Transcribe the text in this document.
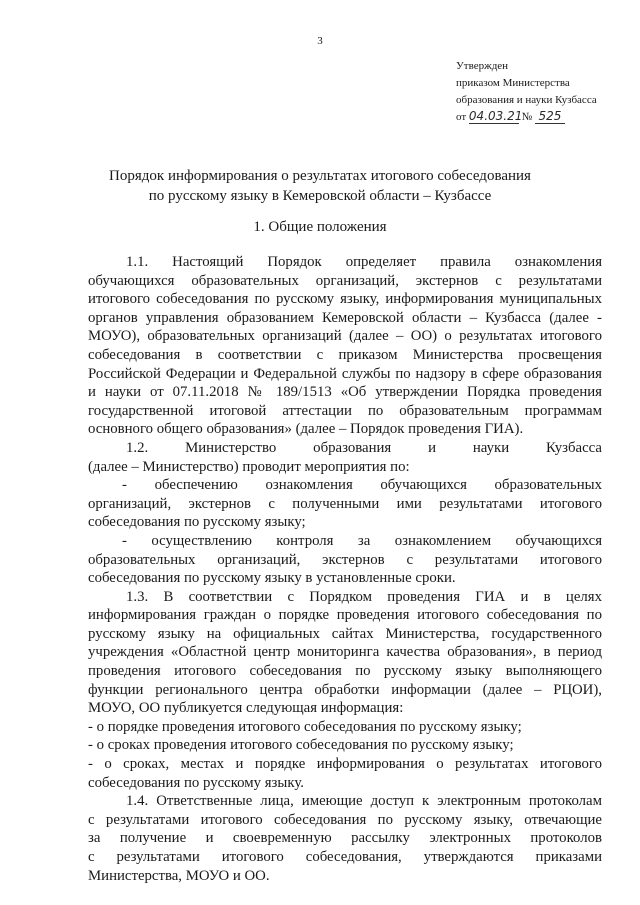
3
Утвержден
приказом Министерства
образования и науки Кузбасса
от 04.03.21 № 525
Порядок информирования о результатах итогового собеседования
по русскому языку в Кемеровской области – Кузбассе
1. Общие положения

1.1. Настоящий Порядок определяет правила ознакомления

обучающихся образовательных организаций, экстернов с результатами

итогового собеседования по русскому языку, информирования муниципальных

органов управления образованием Кемеровской области – Кузбасса (далее -

МОУО), образовательных организаций (далее – ОО) о результатах итогового

собеседования в соответствии с приказом Министерства просвещения

Российской Федерации и Федеральной службы по надзору в сфере образования

и науки от 07.11.2018 № 189/1513 «Об утверждении Порядка проведения

государственной итоговой аттестации по образовательным программам

основного общего образования» (далее – Порядок проведения ГИА).

1.2. Министерство образования и науки Кузбасса

(далее – Министерство) проводит мероприятия по:

- обеспечению ознакомления обучающихся образовательных

организаций, экстернов с полученными ими результатами итогового

собеседования по русскому языку;

- осуществлению контроля за ознакомлением обучающихся

образовательных организаций, экстернов с результатами итогового

собеседования по русскому языку в установленные сроки.

1.3. В соответствии с Порядком проведения ГИА и в целях

информирования граждан о порядке проведения итогового собеседования по

русскому языку на официальных сайтах Министерства, государственного

учреждения «Областной центр мониторинга качества образования», в период

проведения итогового собеседования по русскому языку выполняющего

функции регионального центра обработки информации (далее – РЦОИ),

МОУО, ОО публикуется следующая информация:

- о порядке проведения итогового собеседования по русскому языку;

- о сроках проведения итогового собеседования по русскому языку;

- о сроках, местах и порядке информирования о результатах итогового

собеседования по русскому языку.

1.4. Ответственные лица, имеющие доступ к электронным протоколам

с результатами итогового собеседования по русскому языку, отвечающие

за получение и своевременную рассылку электронных протоколов

с результатами итогового собеседования, утверждаются приказами

Министерства, МОУО и ОО.
